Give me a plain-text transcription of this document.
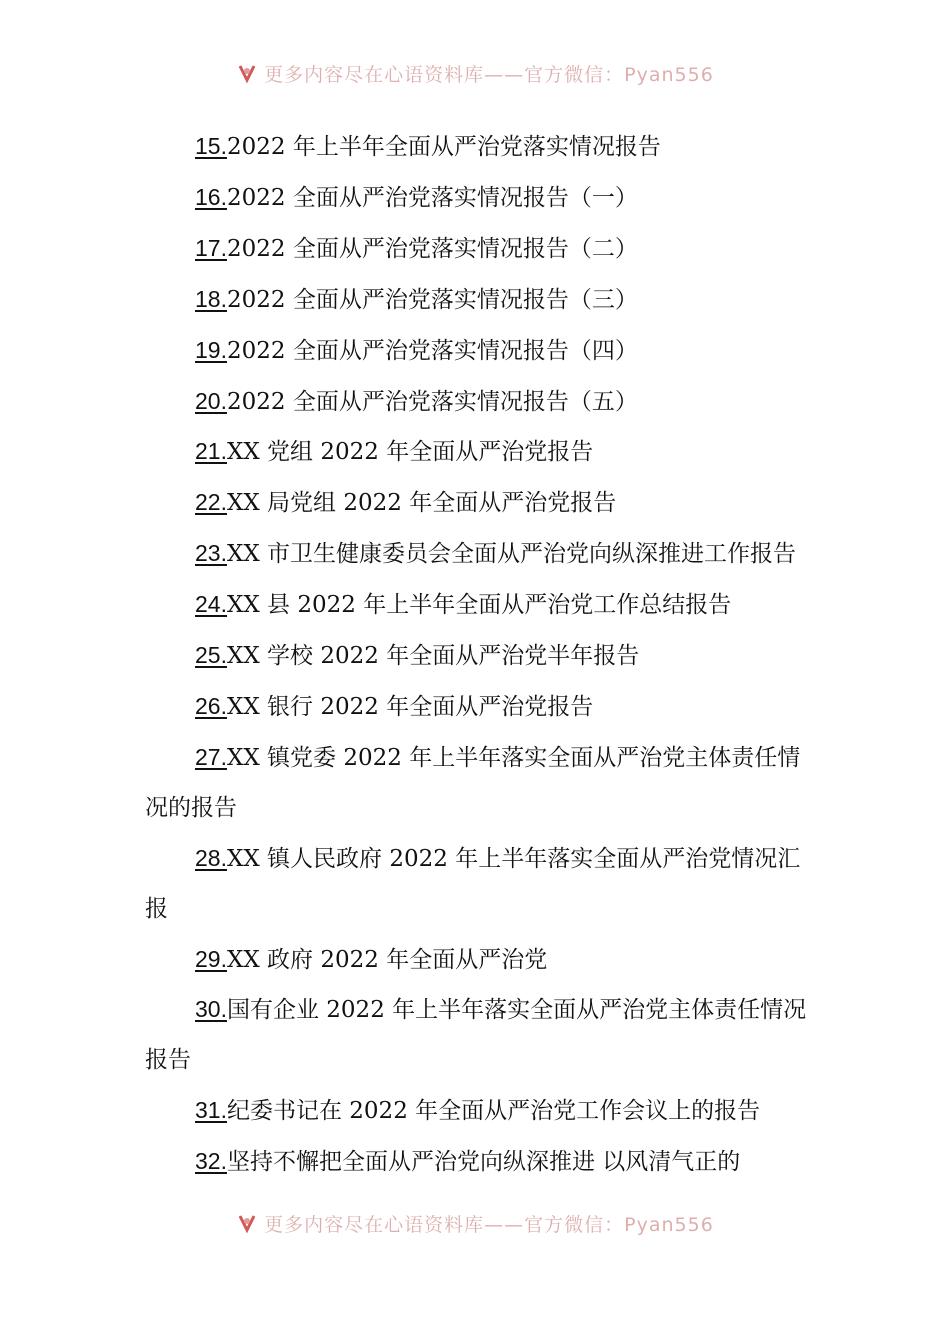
更多内容尽在心语资料库——官方微信：Pyan556

15.2022 年上半年全面从严治党落实情况报告

16.2022 全面从严治党落实情况报告（一）

17.2022 全面从严治党落实情况报告（二）

18.2022 全面从严治党落实情况报告（三）

19.2022 全面从严治党落实情况报告（四）

20.2022 全面从严治党落实情况报告（五）

21.XX 党组 2022 年全面从严治党报告

22.XX 局党组 2022 年全面从严治党报告

23.XX 市卫生健康委员会全面从严治党向纵深推进工作报告

24.XX 县 2022 年上半年全面从严治党工作总结报告

25.XX 学校 2022 年全面从严治党半年报告

26.XX 银行 2022 年全面从严治党报告

27.XX 镇党委 2022 年上半年落实全面从严治党主体责任情况的报告

28.XX 镇人民政府 2022 年上半年落实全面从严治党情况汇报

29.XX 政府 2022 年全面从严治党

30.国有企业 2022 年上半年落实全面从严治党主体责任情况报告

31.纪委书记在 2022 年全面从严治党工作会议上的报告

32.坚持不懈把全面从严治党向纵深推进 以风清气正的

更多内容尽在心语资料库——官方微信：Pyan556
